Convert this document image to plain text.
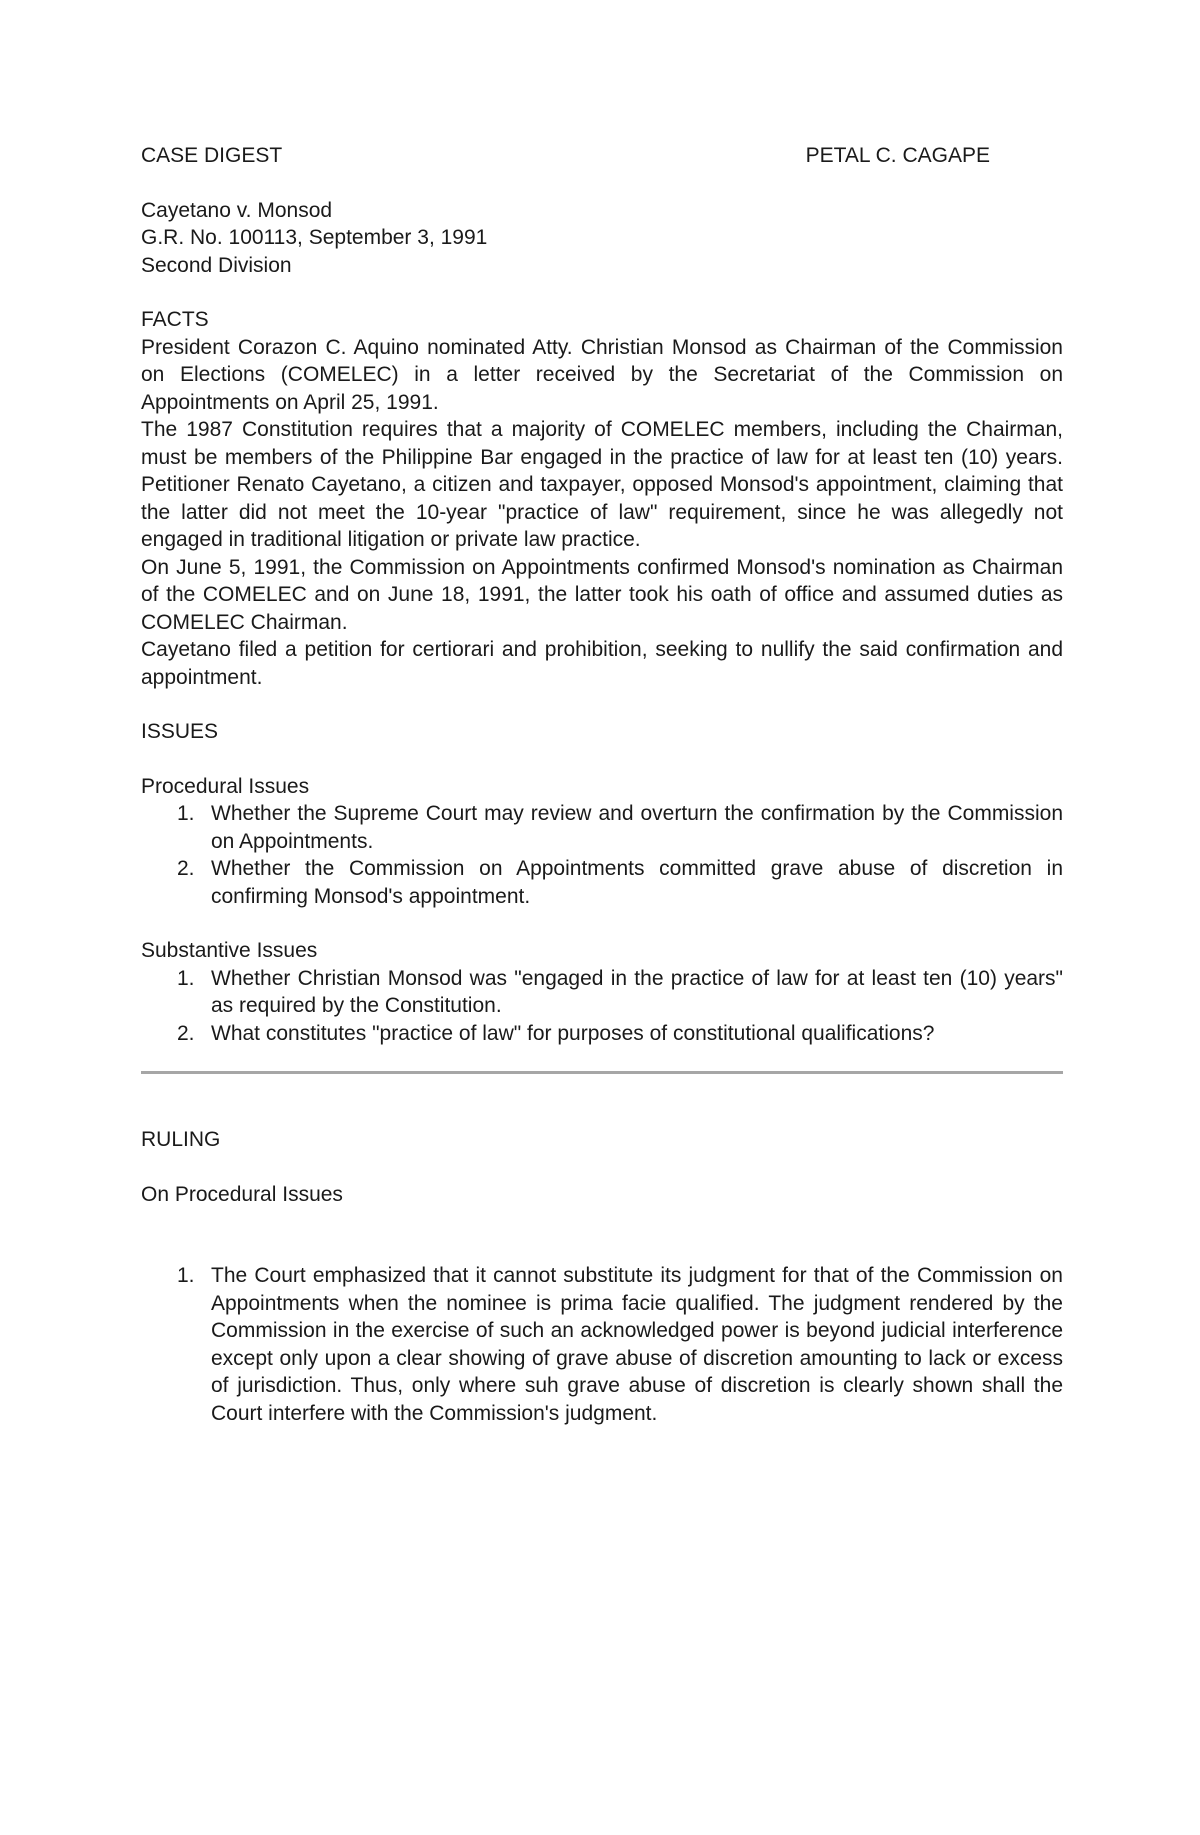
CASE DIGEST	PETAL C. CAGAPE
Cayetano v. Monsod
G.R. No. 100113, September 3, 1991
Second Division
FACTS

President Corazon C. Aquino nominated Atty. Christian Monsod as Chairman of the Commission on Elections (COMELEC) in a letter received by the Secretariat of the Commission on Appointments on April 25, 1991.

The 1987 Constitution requires that a majority of COMELEC members, including the Chairman, must be members of the Philippine Bar engaged in the practice of law for at least ten (10) years. Petitioner Renato Cayetano, a citizen and taxpayer, opposed Monsod's appointment, claiming that the latter did not meet the 10-year "practice of law" requirement, since he was allegedly not engaged in traditional litigation or private law practice.

On June 5, 1991, the Commission on Appointments confirmed Monsod's nomination as Chairman of the COMELEC and on June 18, 1991, the latter took his oath of office and assumed duties as COMELEC Chairman.

Cayetano filed a petition for certiorari and prohibition, seeking to nullify the said confirmation and appointment.

ISSUES
Procedural Issues
1. Whether the Supreme Court may review and overturn the confirmation by the Commission on Appointments.
2. Whether the Commission on Appointments committed grave abuse of discretion in confirming Monsod's appointment.
Substantive Issues
1. Whether Christian Monsod was "engaged in the practice of law for at least ten (10) years" as required by the Constitution.
2. What constitutes "practice of law" for purposes of constitutional qualifications?
RULING
On Procedural Issues
1. The Court emphasized that it cannot substitute its judgment for that of the Commission on Appointments when the nominee is prima facie qualified. The judgment rendered by the Commission in the exercise of such an acknowledged power is beyond judicial interference except only upon a clear showing of grave abuse of discretion amounting to lack or excess of jurisdiction. Thus, only where suh grave abuse of discretion is clearly shown shall the Court interfere with the Commission's judgment.
